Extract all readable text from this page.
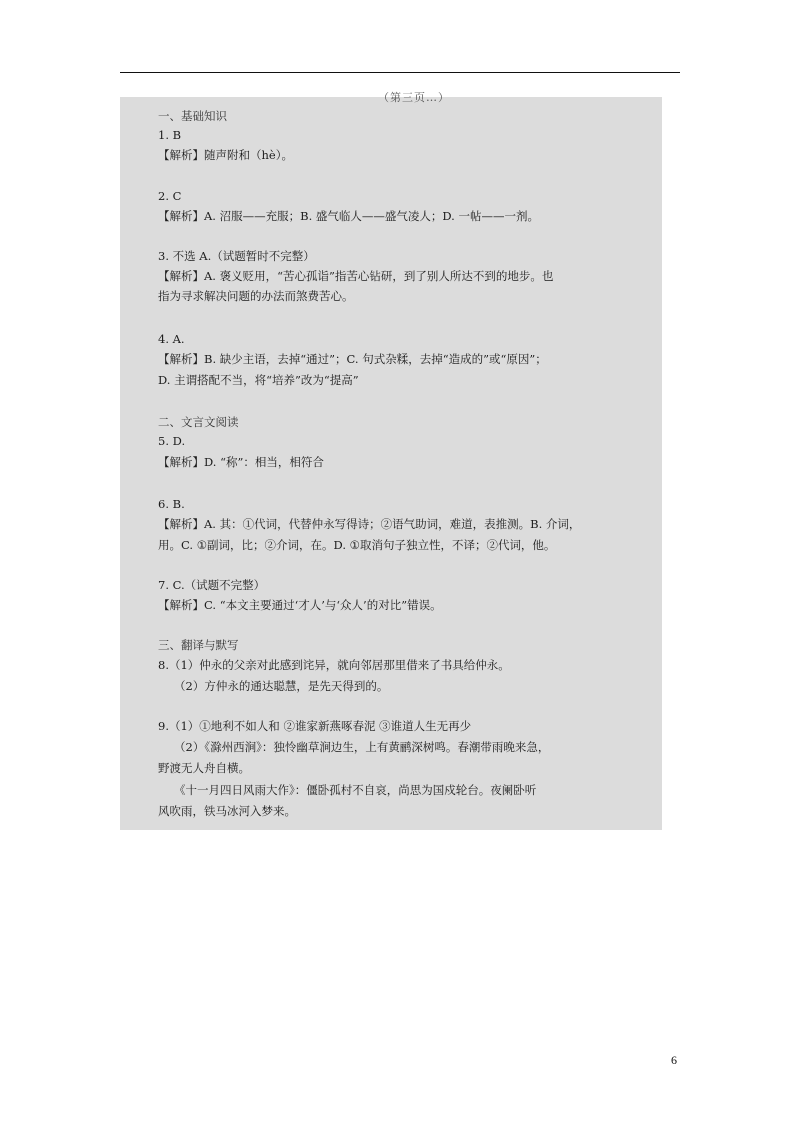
（第三页…）
一、基础知识
1. B
【解析】随声附和（hè）。
2. C
【解析】A. 沼服——充服；B. 盛气临人——盛气凌人；D. 一帖——一剂。
3. 不选 A.（试题暂时不完整）
【解析】A. 褒义贬用，“苦心孤诣”指苦心钻研，到了别人所达不到的地步。也
指为寻求解决问题的办法而煞费苦心。
4. A.
【解析】B. 缺少主语，去掉“通过”；C. 句式杂糅，去掉“造成的”或“原因”；
D. 主谓搭配不当，将“培养”改为“提高”
二、文言文阅读
5. D.
【解析】D. “称”：相当，相符合
6. B.
【解析】A. 其：①代词，代替仲永写得诗；②语气助词，难道，表推测。B. 介词，
用。C. ①副词，比；②介词，在。D. ①取消句子独立性，不译；②代词，他。
7. C.（试题不完整）
【解析】C. “本文主要通过‘才人’与‘众人’的对比”错误。
三、翻译与默写
8.（1）仲永的父亲对此感到诧异，就向邻居那里借来了书具给仲永。
（2）方仲永的通达聪慧，是先天得到的。
9.（1）①地利不如人和 ②谁家新燕啄春泥 ③谁道人生无再少
（2）《滁州西涧》：独怜幽草涧边生，上有黄鹂深树鸣。春潮带雨晚来急，
野渡无人舟自横。
《十一月四日风雨大作》：僵卧孤村不自哀，尚思为国戍轮台。夜阑卧听
风吹雨，铁马冰河入梦来。
6
